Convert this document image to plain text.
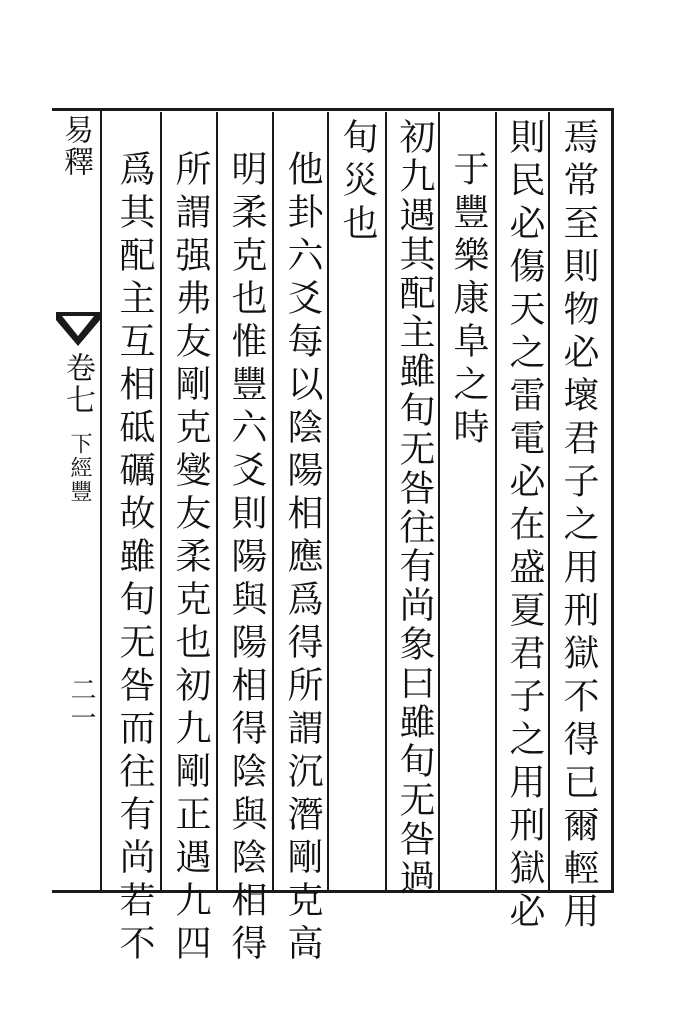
焉常至則物必壞君子之用刑獄不得已爾輕用
則民必傷天之雷電必在盛夏君子之用刑獄必
于豐樂康阜之時
初九遇其配主雖旬无咎往有尚象曰雖旬无咎過
旬災也
他卦六爻每以陰陽相應爲得所謂沉潛剛克高
明柔克也惟豐六爻則陽與陽相得陰與陰相得
所謂强弗友剛克燮友柔克也初九剛正遇九四
爲其配主互相砥礪故雖旬无咎而往有尚若不
易釋
卷七
下經豐
二一
